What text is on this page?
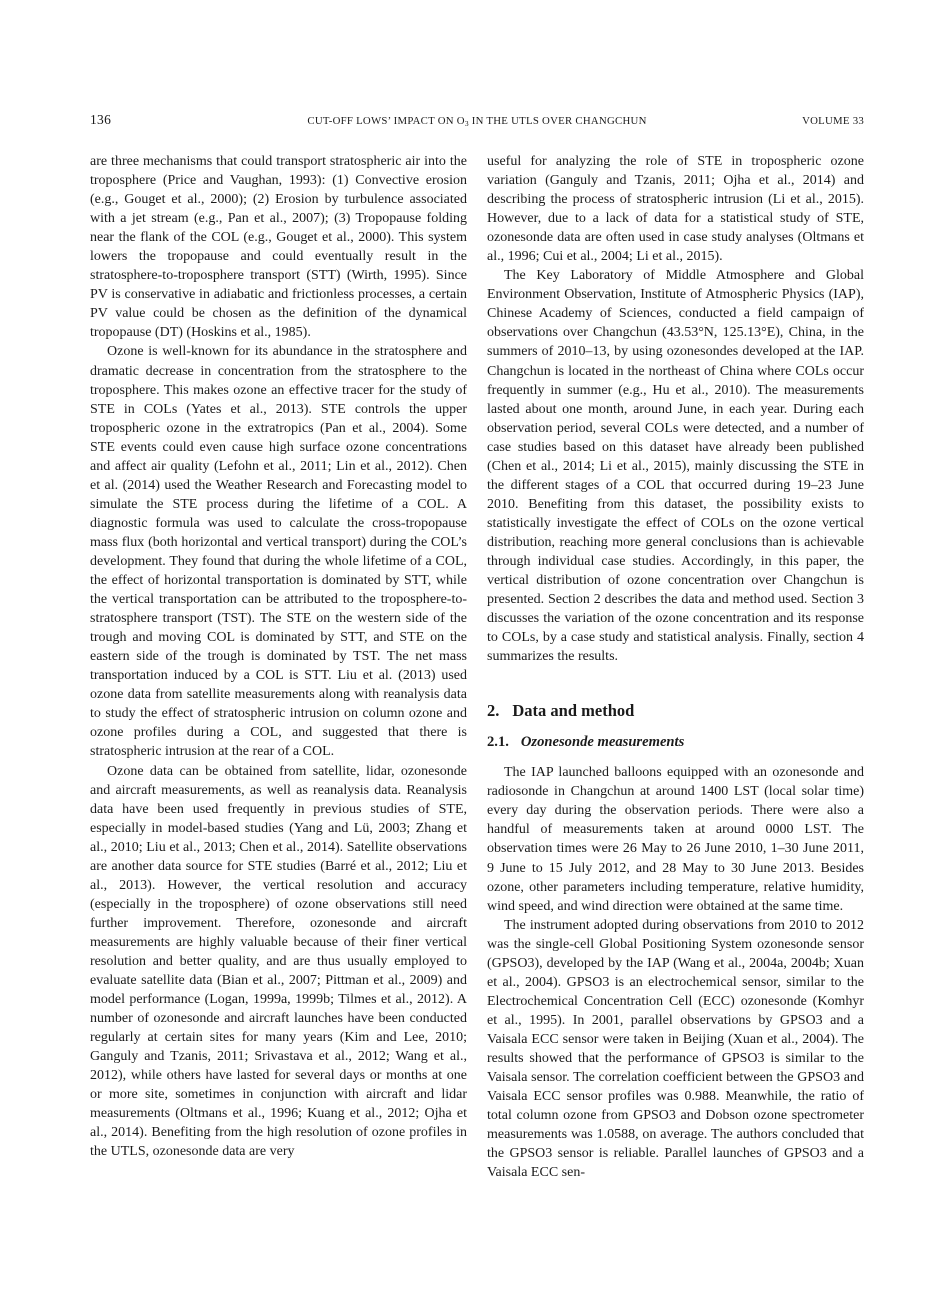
136	CUT-OFF LOWS’ IMPACT ON $O_3$ IN THE UTLS OVER CHANGCHUN	VOLUME 33

are three mechanisms that could transport stratospheric air into the troposphere (Price and Vaughan, 1993): (1) Convective erosion (e.g., Gouget et al., 2000); (2) Erosion by turbulence associated with a jet stream (e.g., Pan et al., 2007); (3) Tropopause folding near the flank of the COL (e.g., Gouget et al., 2000). This system lowers the tropopause and could eventually result in the stratosphere-to-troposphere transport (STT) (Wirth, 1995). Since PV is conservative in adiabatic and frictionless processes, a certain PV value could be chosen as the definition of the dynamical tropopause (DT) (Hoskins et al., 1985).

Ozone is well-known for its abundance in the stratosphere and dramatic decrease in concentration from the stratosphere to the troposphere. This makes ozone an effective tracer for the study of STE in COLs (Yates et al., 2013). STE controls the upper tropospheric ozone in the extratropics (Pan et al., 2004). Some STE events could even cause high surface ozone concentrations and affect air quality (Lefohn et al., 2011; Lin et al., 2012). Chen et al. (2014) used the Weather Research and Forecasting model to simulate the STE process during the lifetime of a COL. A diagnostic formula was used to calculate the cross-tropopause mass flux (both horizontal and vertical transport) during the COL’s development. They found that during the whole lifetime of a COL, the effect of horizontal transportation is dominated by STT, while the vertical transportation can be attributed to the troposphere-to-stratosphere transport (TST). The STE on the western side of the trough and moving COL is dominated by STT, and STE on the eastern side of the trough is dominated by TST. The net mass transportation induced by a COL is STT. Liu et al. (2013) used ozone data from satellite measurements along with reanalysis data to study the effect of stratospheric intrusion on column ozone and ozone profiles during a COL, and suggested that there is stratospheric intrusion at the rear of a COL.

Ozone data can be obtained from satellite, lidar, ozonesonde and aircraft measurements, as well as reanalysis data. Reanalysis data have been used frequently in previous studies of STE, especially in model-based studies (Yang and Lü, 2003; Zhang et al., 2010; Liu et al., 2013; Chen et al., 2014). Satellite observations are another data source for STE studies (Barré et al., 2012; Liu et al., 2013). However, the vertical resolution and accuracy (especially in the troposphere) of ozone observations still need further improvement. Therefore, ozonesonde and aircraft measurements are highly valuable because of their finer vertical resolution and better quality, and are thus usually employed to evaluate satellite data (Bian et al., 2007; Pittman et al., 2009) and model performance (Logan, 1999a, 1999b; Tilmes et al., 2012). A number of ozonesonde and aircraft launches have been conducted regularly at certain sites for many years (Kim and Lee, 2010; Ganguly and Tzanis, 2011; Srivastava et al., 2012; Wang et al., 2012), while others have lasted for several days or months at one or more site, sometimes in conjunction with aircraft and lidar measurements (Oltmans et al., 1996; Kuang et al., 2012; Ojha et al., 2014). Benefiting from the high resolution of ozone profiles in the UTLS, ozonesonde data are very

useful for analyzing the role of STE in tropospheric ozone variation (Ganguly and Tzanis, 2011; Ojha et al., 2014) and describing the process of stratospheric intrusion (Li et al., 2015). However, due to a lack of data for a statistical study of STE, ozonesonde data are often used in case study analyses (Oltmans et al., 1996; Cui et al., 2004; Li et al., 2015).

The Key Laboratory of Middle Atmosphere and Global Environment Observation, Institute of Atmospheric Physics (IAP), Chinese Academy of Sciences, conducted a field campaign of observations over Changchun (43.53°N, 125.13°E), China, in the summers of 2010–13, by using ozonesondes developed at the IAP. Changchun is located in the northeast of China where COLs occur frequently in summer (e.g., Hu et al., 2010). The measurements lasted about one month, around June, in each year. During each observation period, several COLs were detected, and a number of case studies based on this dataset have already been published (Chen et al., 2014; Li et al., 2015), mainly discussing the STE in the different stages of a COL that occurred during 19–23 June 2010. Benefiting from this dataset, the possibility exists to statistically investigate the effect of COLs on the ozone vertical distribution, reaching more general conclusions than is achievable through individual case studies. Accordingly, in this paper, the vertical distribution of ozone concentration over Changchun is presented. Section 2 describes the data and method used. Section 3 discusses the variation of the ozone concentration and its response to COLs, by a case study and statistical analysis. Finally, section 4 summarizes the results.

2. Data and method
2.1. Ozonesonde measurements

The IAP launched balloons equipped with an ozonesonde and radiosonde in Changchun at around 1400 LST (local solar time) every day during the observation periods. There were also a handful of measurements taken at around 0000 LST. The observation times were 26 May to 26 June 2010, 1–30 June 2011, 9 June to 15 July 2012, and 28 May to 30 June 2013. Besides ozone, other parameters including temperature, relative humidity, wind speed, and wind direction were obtained at the same time.

The instrument adopted during observations from 2010 to 2012 was the single-cell Global Positioning System ozonesonde sensor (GPSO3), developed by the IAP (Wang et al., 2004a, 2004b; Xuan et al., 2004). GPSO3 is an electrochemical sensor, similar to the Electrochemical Concentration Cell (ECC) ozonesonde (Komhyr et al., 1995). In 2001, parallel observations by GPSO3 and a Vaisala ECC sensor were taken in Beijing (Xuan et al., 2004). The results showed that the performance of GPSO3 is similar to the Vaisala sensor. The correlation coefficient between the GPSO3 and Vaisala ECC sensor profiles was 0.988. Meanwhile, the ratio of total column ozone from GPSO3 and Dobson ozone spectrometer measurements was 1.0588, on average. The authors concluded that the GPSO3 sensor is reliable. Parallel launches of GPSO3 and a Vaisala ECC sen-
